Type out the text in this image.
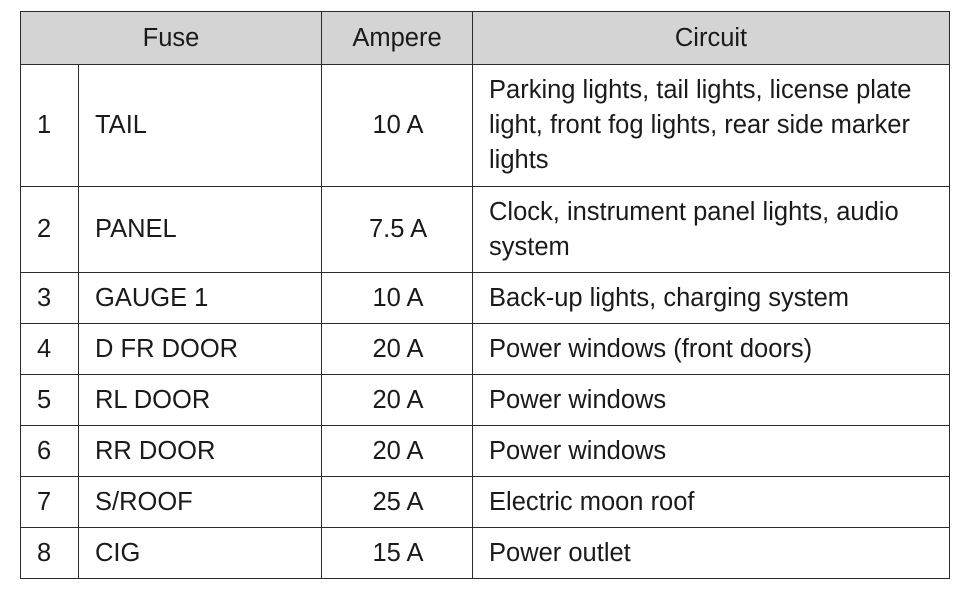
Fuse		Ampere	Circuit
1	TAIL	10 A	Parking lights, tail lights, license plate light, front fog lights, rear side marker lights
2	PANEL	7.5 A	Clock, instrument panel lights, audio system
3	GAUGE 1	10 A	Back-up lights, charging system
4	D FR DOOR	20 A	Power windows (front doors)
5	RL DOOR	20 A	Power windows
6	RR DOOR	20 A	Power windows
7	S/ROOF	25 A	Electric moon roof
8	CIG	15 A	Power outlet
